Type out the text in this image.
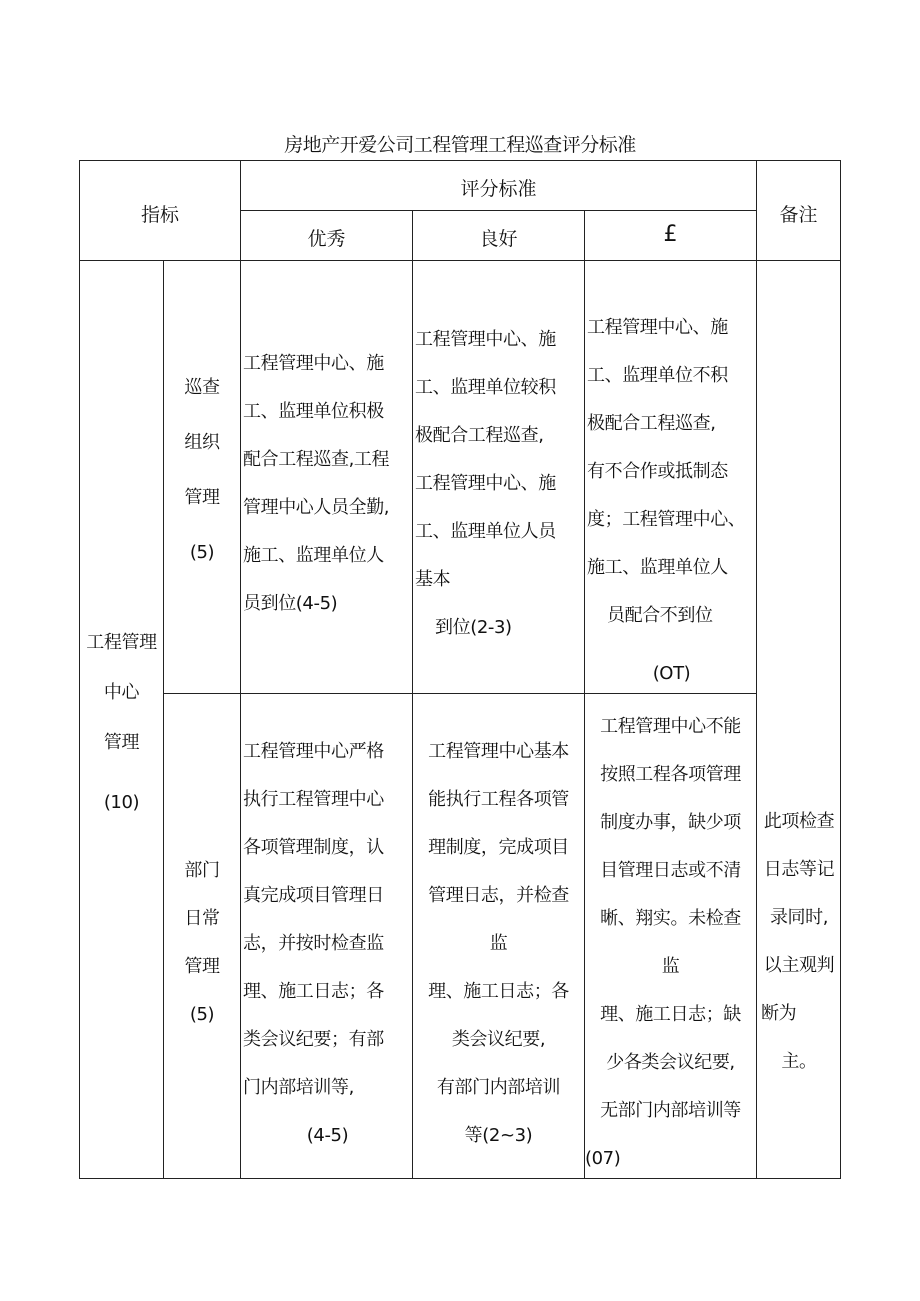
房地产开爱公司工程管理工程巡查评分标准
指标
评分标准
优秀	良好	£
备注
工程管理
中心
管理
(10)
巡查
组织
管理
(5)
工程管理中心、施
工、监理单位积极
配合工程巡查,工程
管理中心人员全勤,
施工、监理单位人
员到位(4-5)
工程管理中心、施
工、监理单位较积
极配合工程巡查,
工程管理中心、施
工、监理单位人员
基本
到位(2-3)
工程管理中心、施
工、监理单位不积
极配合工程巡查,
有不合作或抵制态
度；工程管理中心、
施工、监理单位人
员配合不到位
(OT)
部门
日常
管理
(5)
工程管理中心严格
执行工程管理中心
各项管理制度，认
真完成项目管理日
志，并按时检查监
理、施工日志；各
类会议纪要；有部
门内部培训等,
(4-5)
工程管理中心基本
能执行工程各项管
理制度，完成项目
管理日志，并检查
监
理、施工日志；各
类会议纪要,
有部门内部培训
等(2~3)
工程管理中心不能
按照工程各项管理
制度办事，缺少项
目管理日志或不清
晰、翔实。未检查
监
理、施工日志；缺
少各类会议纪要,
无部门内部培训等
(07)
此项检查
日志等记
录同时,
以主观判
断为
主。
